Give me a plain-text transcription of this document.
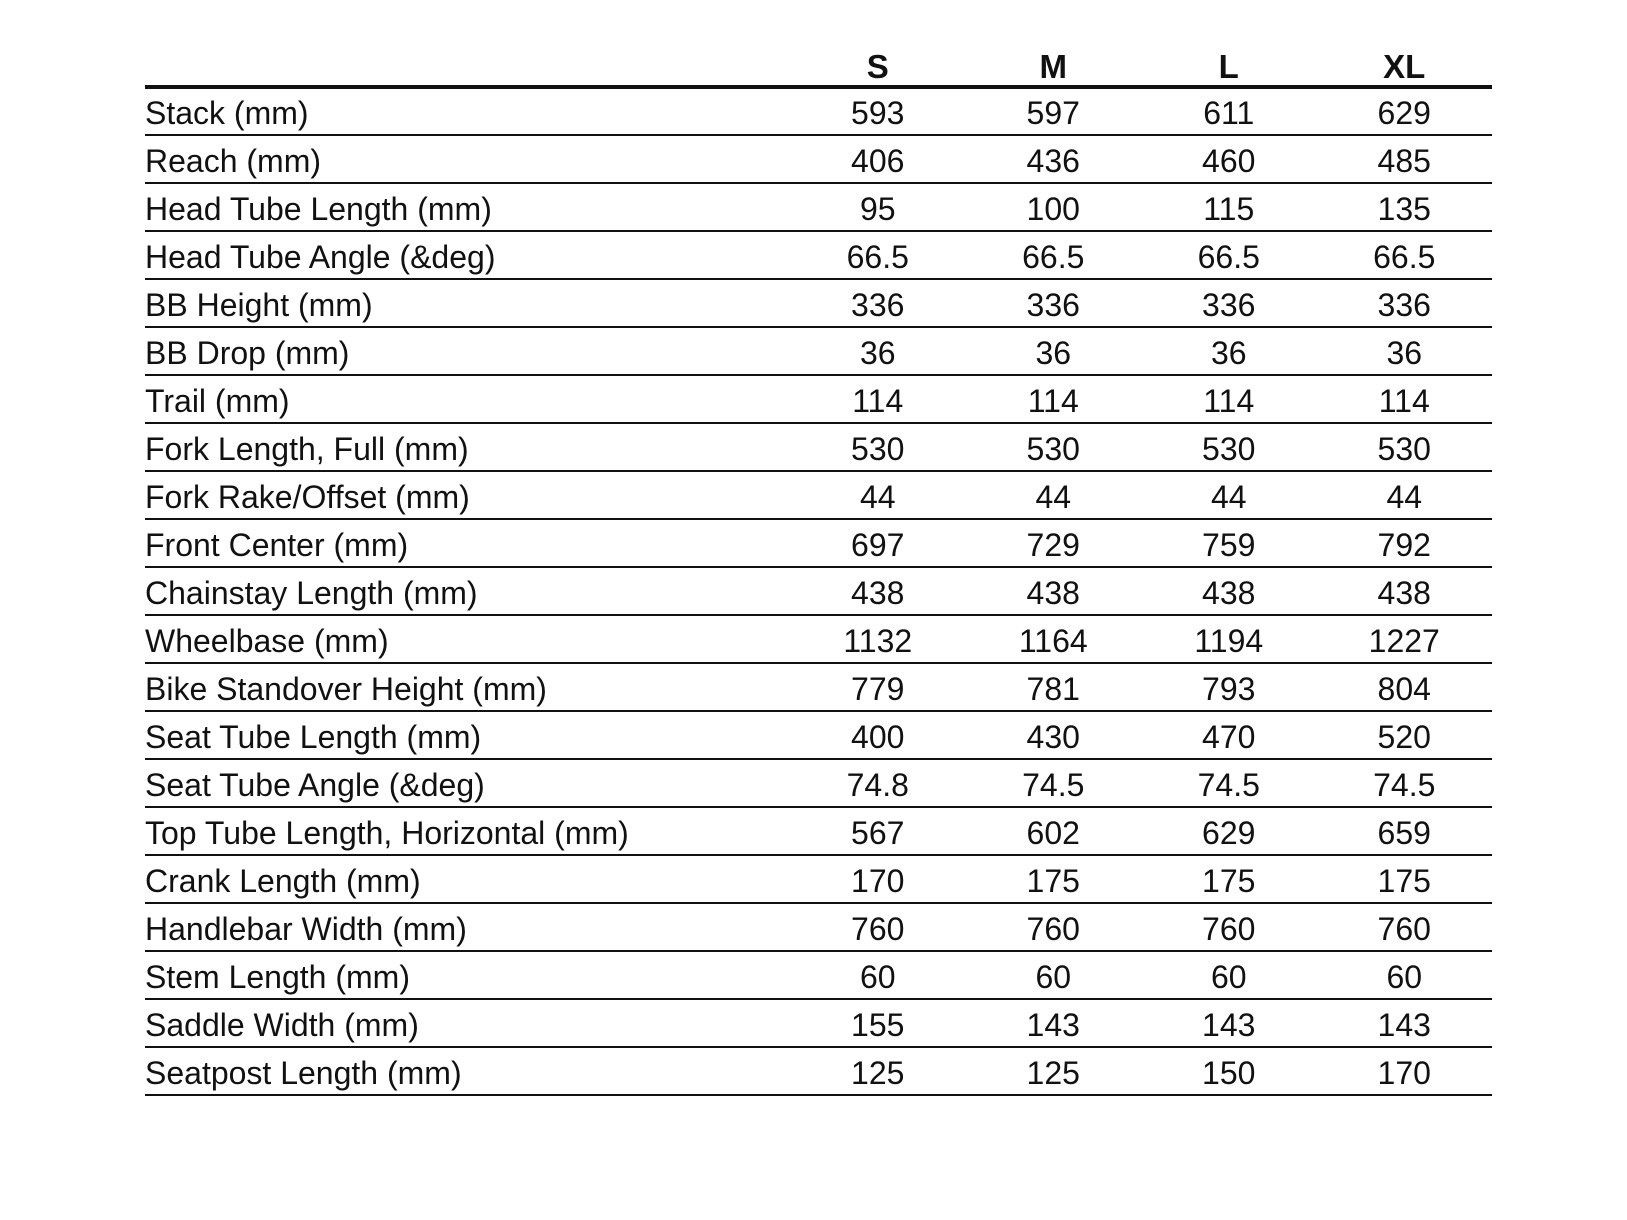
	S	M	L	XL
Stack (mm)	593	597	611	629
Reach (mm)	406	436	460	485
Head Tube Length (mm)	95	100	115	135
Head Tube Angle (&deg)	66.5	66.5	66.5	66.5
BB Height (mm)	336	336	336	336
BB Drop (mm)	36	36	36	36
Trail (mm)	114	114	114	114
Fork Length, Full (mm)	530	530	530	530
Fork Rake/Offset (mm)	44	44	44	44
Front Center (mm)	697	729	759	792
Chainstay Length (mm)	438	438	438	438
Wheelbase (mm)	1132	1164	1194	1227
Bike Standover Height (mm)	779	781	793	804
Seat Tube Length (mm)	400	430	470	520
Seat Tube Angle (&deg)	74.8	74.5	74.5	74.5
Top Tube Length, Horizontal (mm)	567	602	629	659
Crank Length (mm)	170	175	175	175
Handlebar Width (mm)	760	760	760	760
Stem Length (mm)	60	60	60	60
Saddle Width (mm)	155	143	143	143
Seatpost Length (mm)	125	125	150	170
